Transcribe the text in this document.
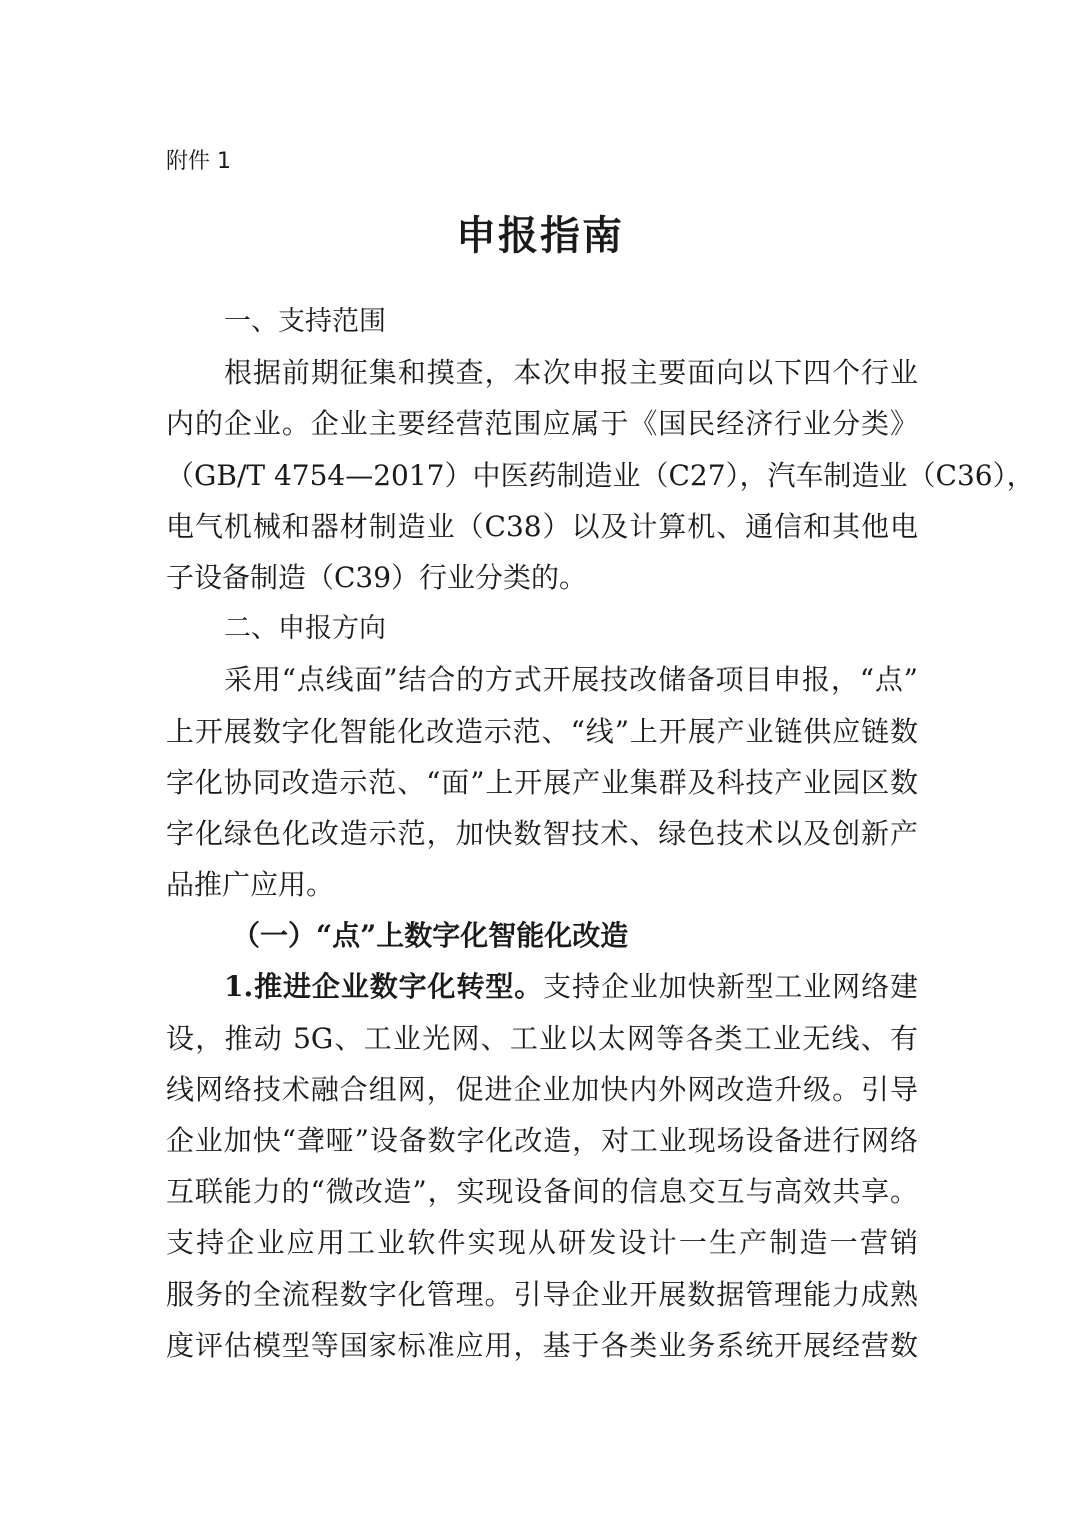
附件 1
申报指南
一、支持范围
根据前期征集和摸查，本次申报主要面向以下四个行业
内的企业。企业主要经营范围应属于《国民经济行业分类》
（GB/T 4754—2017）中医药制造业（C27），汽车制造业（C36），
电气机械和器材制造业（C38）以及计算机、通信和其他电
子设备制造（C39）行业分类的。
二、申报方向
采用“点线面”结合的方式开展技改储备项目申报，“点”
上开展数字化智能化改造示范、“线”上开展产业链供应链数
字化协同改造示范、“面”上开展产业集群及科技产业园区数
字化绿色化改造示范，加快数智技术、绿色技术以及创新产
品推广应用。
（一）“点”上数字化智能化改造
1.推进企业数字化转型。支持企业加快新型工业网络建
设，推动 5G、工业光网、工业以太网等各类工业无线、有
线网络技术融合组网，促进企业加快内外网改造升级。引导
企业加快“聋哑”设备数字化改造，对工业现场设备进行网络
互联能力的“微改造”，实现设备间的信息交互与高效共享。
支持企业应用工业软件实现从研发设计一生产制造一营销
服务的全流程数字化管理。引导企业开展数据管理能力成熟
度评估模型等国家标准应用，基于各类业务系统开展经营数
